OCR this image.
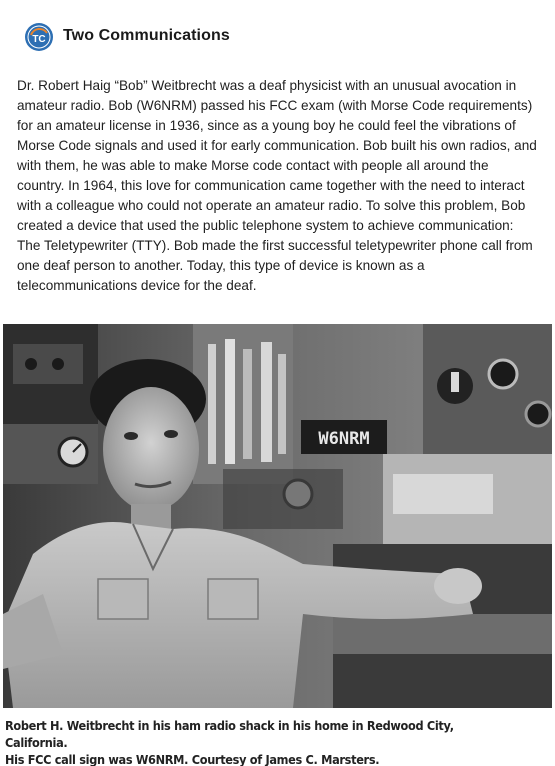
TC Two Communications
Dr. Robert Haig “Bob” Weitbrecht was a deaf physicist with an unusual avocation in amateur radio. Bob (W6NRM) passed his FCC exam (with Morse Code requirements) for an amateur license in 1936, since as a young boy he could feel the vibrations of Morse Code signals and used it for early communication. Bob built his own radios, and with them, he was able to make Morse code contact with people all around the country. In 1964, this love for communication came together with the need to interact with a colleague who could not operate an amateur radio. To solve this problem, Bob created a device that used the public telephone system to achieve communication: The Teletypewriter (TTY). Bob made the first successful teletypewriter phone call from one deaf person to another. Today, this type of device is known as a telecommunications device for the deaf.
W6NRM
Robert H. Weitbrecht in his ham radio shack in his home in Redwood City, California.
His FCC call sign was W6NRM. Courtesy of James C. Marsters.
